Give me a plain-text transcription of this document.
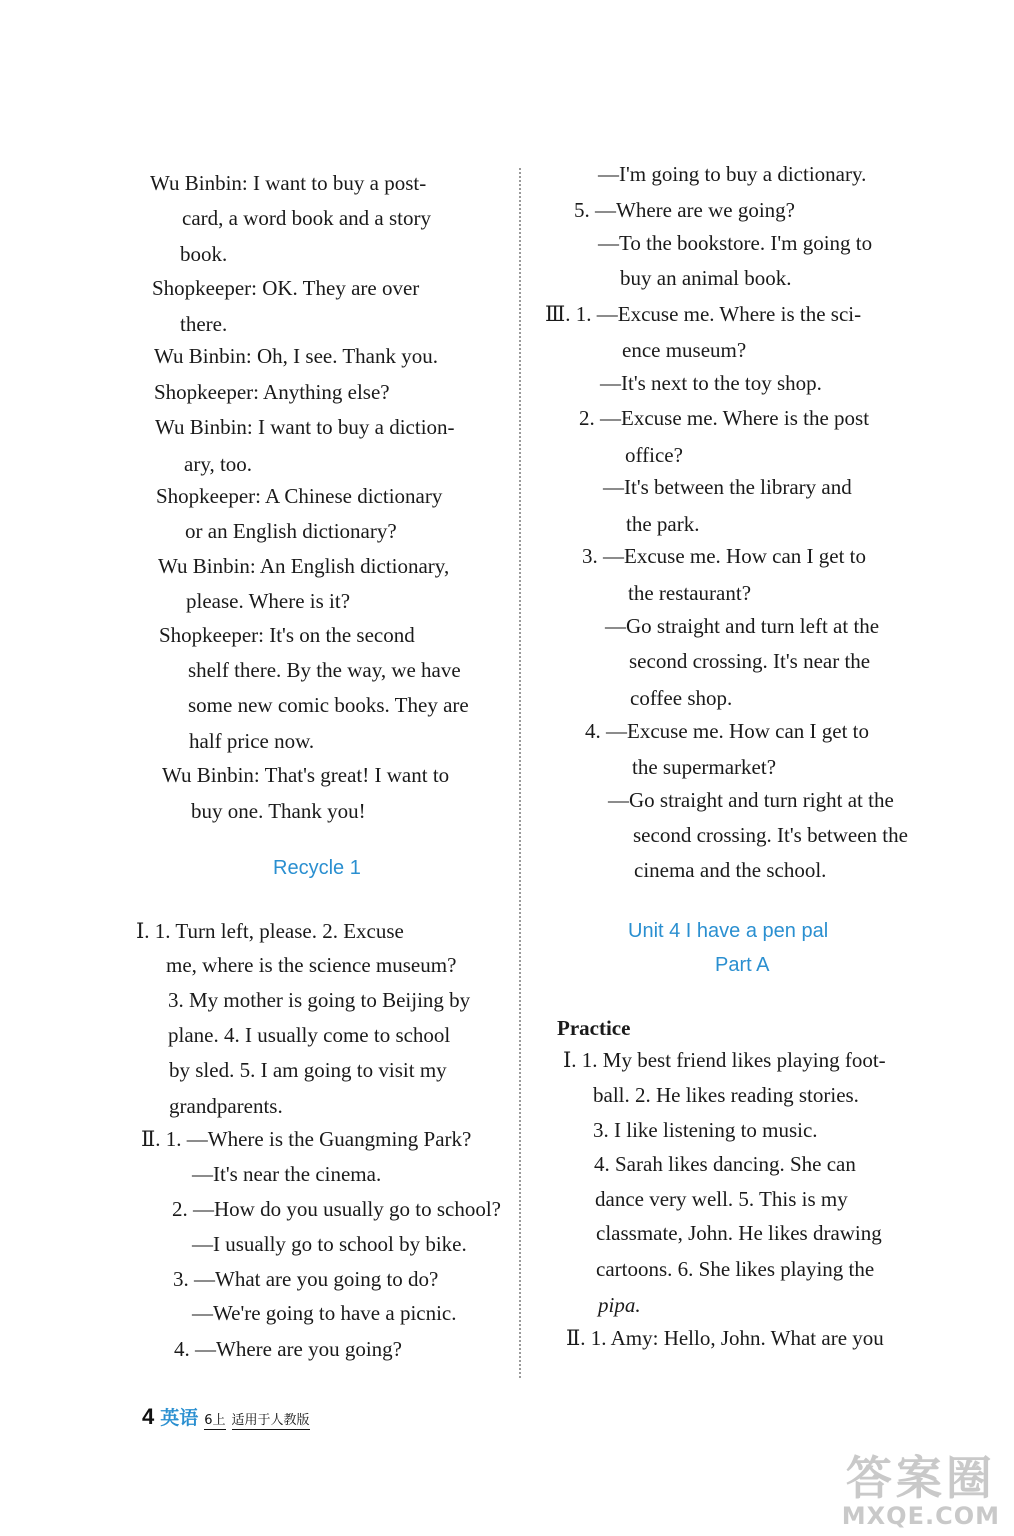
Wu Binbin: I want to buy a post-
card, a word book and a story
book.
Shopkeeper: OK. They are over
there.
Wu Binbin: Oh, I see. Thank you.
Shopkeeper: Anything else?
Wu Binbin: I want to buy a diction-
ary, too.
Shopkeeper: A Chinese dictionary
or an English dictionary?
Wu Binbin: An English dictionary,
please. Where is it?
Shopkeeper: It's on the second
shelf there. By the way, we have
some new comic books. They are
half price now.
Wu Binbin: That's great! I want to
buy one. Thank you!
Recycle 1
Ⅰ. 1. Turn left, please. 2. Excuse
me, where is the science museum?
3. My mother is going to Beijing by
plane. 4. I usually come to school
by sled. 5. I am going to visit my
grandparents.
Ⅱ. 1. —Where is the Guangming Park?
—It's near the cinema.
2. —How do you usually go to school?
—I usually go to school by bike.
3. —What are you going to do?
—We're going to have a picnic.
4. —Where are you going?
—I'm going to buy a dictionary.
5. —Where are we going?
—To the bookstore. I'm going to
buy an animal book.
Ⅲ. 1. —Excuse me. Where is the sci-
ence museum?
—It's next to the toy shop.
2. —Excuse me. Where is the post
office?
—It's between the library and
the park.
3. —Excuse me. How can I get to
the restaurant?
—Go straight and turn left at the
second crossing. It's near the
coffee shop.
4. —Excuse me. How can I get to
the supermarket?
—Go straight and turn right at the
second crossing. It's between the
cinema and the school.
Unit 4 I have a pen pal
Part A
Practice
Ⅰ. 1. My best friend likes playing foot-
ball. 2. He likes reading stories.
3. I like listening to music.
4. Sarah likes dancing. She can
dance very well. 5. This is my
classmate, John. He likes drawing
cartoons. 6. She likes playing the
pipa.
Ⅱ. 1. Amy: Hello, John. What are you
4 英语 6上 适用于人教版
答案圈
MXQE.COM
